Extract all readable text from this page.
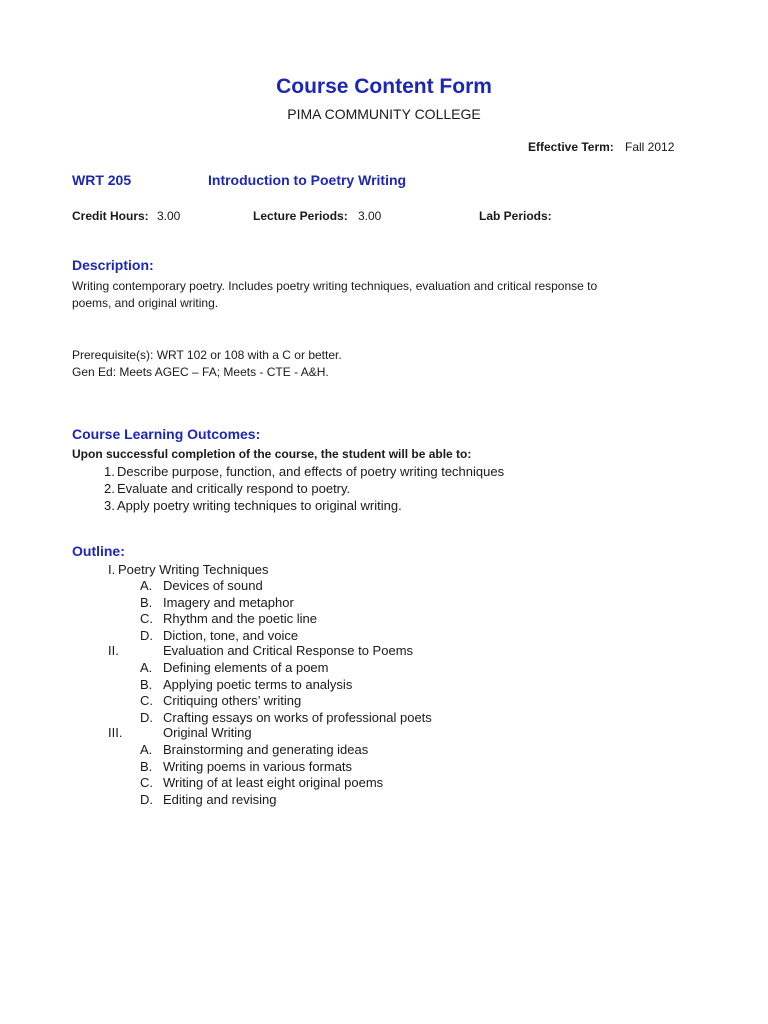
Course Content Form
PIMA COMMUNITY COLLEGE
Effective Term: Fall 2012
WRT 205	Introduction to Poetry Writing
Credit Hours: 3.00	Lecture Periods: 3.00	Lab Periods:
Description:
Writing contemporary poetry. Includes poetry writing techniques, evaluation and critical response to poems, and original writing.
Prerequisite(s): WRT 102 or 108 with a C or better.
Gen Ed: Meets AGEC – FA; Meets - CTE - A&H.
Course Learning Outcomes:
Upon successful completion of the course, the student will be able to:
1. Describe purpose, function, and effects of poetry writing techniques
2. Evaluate and critically respond to poetry.
3. Apply poetry writing techniques to original writing.
Outline:
I. Poetry Writing Techniques
A. Devices of sound
B. Imagery and metaphor
C. Rhythm and the poetic line
D. Diction, tone, and voice
II.	Evaluation and Critical Response to Poems
A. Defining elements of a poem
B. Applying poetic terms to analysis
C. Critiquing others’ writing
D. Crafting essays on works of professional poets
III.	Original Writing
A. Brainstorming and generating ideas
B. Writing poems in various formats
C. Writing of at least eight original poems
D. Editing and revising
